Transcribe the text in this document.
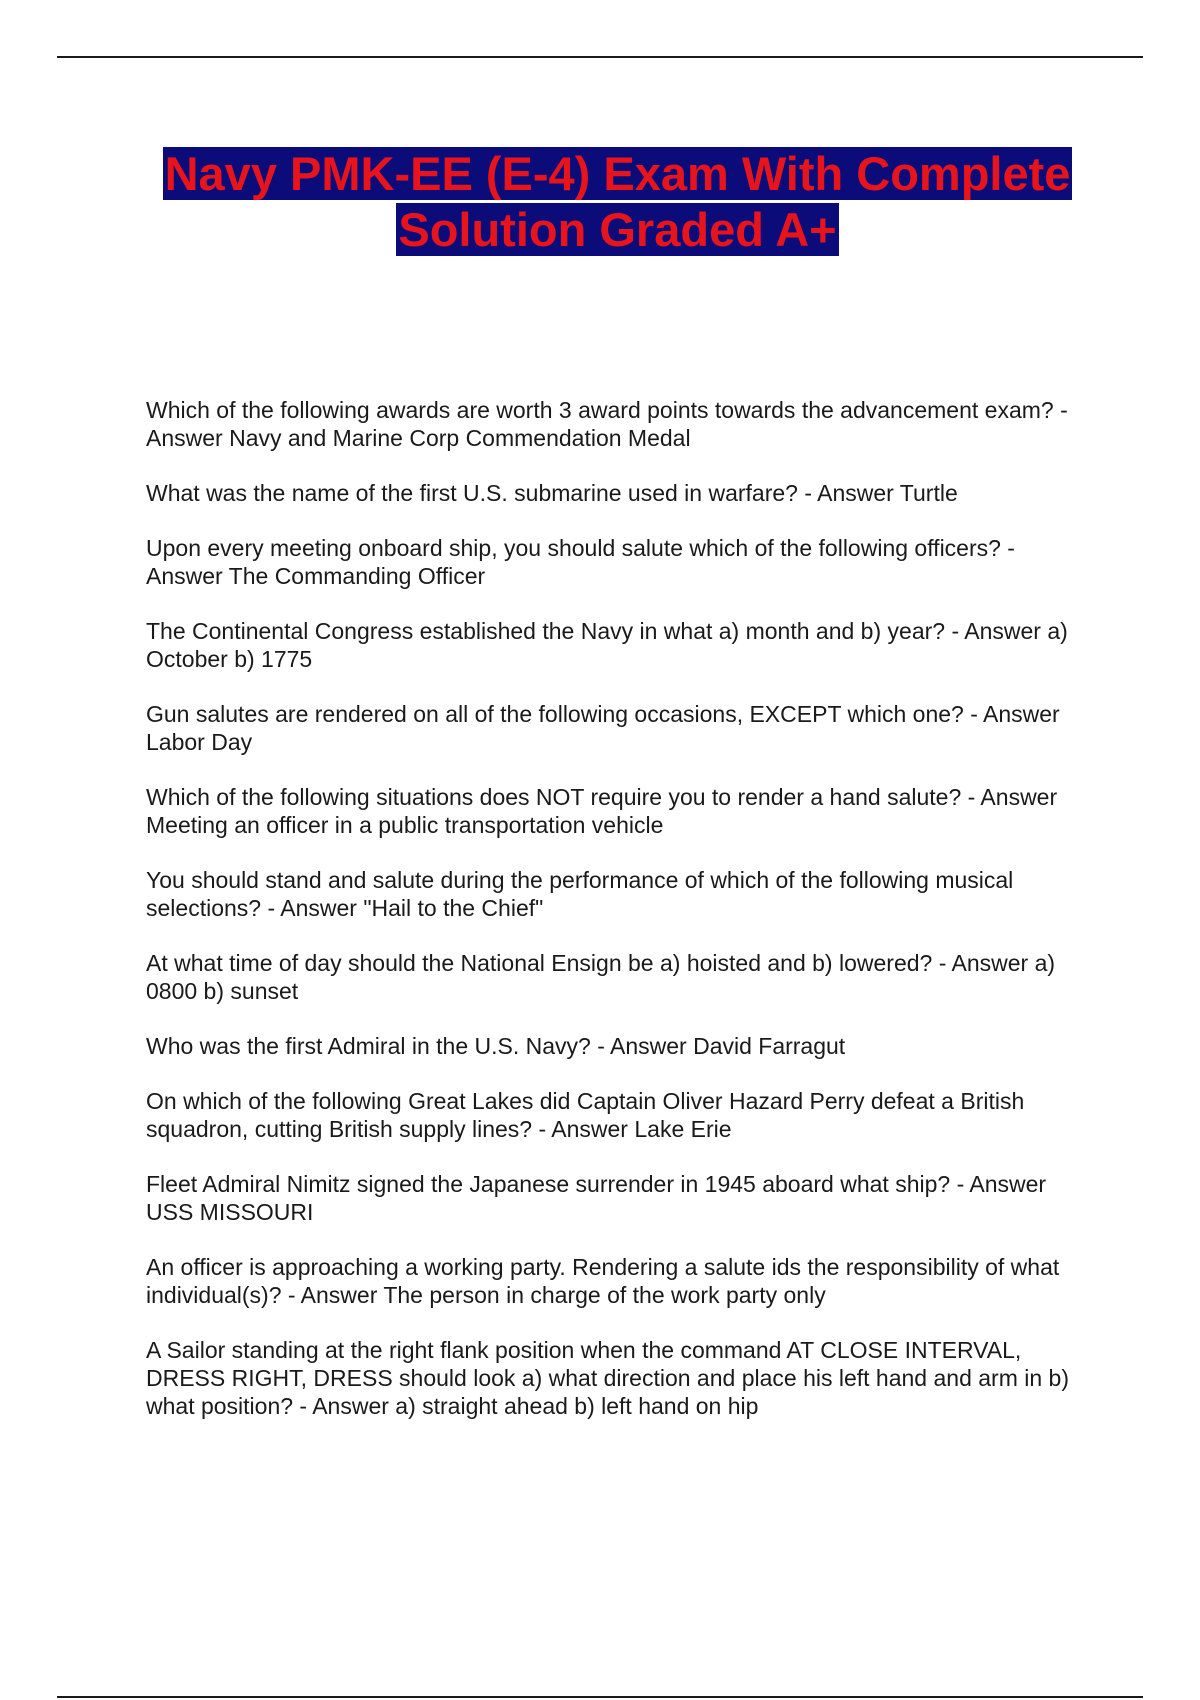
Navy PMK-EE (E-4) Exam With Complete
Solution Graded A+

Which of the following awards are worth 3 award points towards the advancement exam? - Answer Navy and Marine Corp Commendation Medal

What was the name of the first U.S. submarine used in warfare? - Answer Turtle

Upon every meeting onboard ship, you should salute which of the following officers? - Answer The Commanding Officer

The Continental Congress established the Navy in what a) month and b) year? - Answer a) October b) 1775

Gun salutes are rendered on all of the following occasions, EXCEPT which one? - Answer Labor Day

Which of the following situations does NOT require you to render a hand salute? - Answer Meeting an officer in a public transportation vehicle

You should stand and salute during the performance of which of the following musical selections? - Answer "Hail to the Chief"

At what time of day should the National Ensign be a) hoisted and b) lowered? - Answer a) 0800 b) sunset

Who was the first Admiral in the U.S. Navy? - Answer David Farragut

On which of the following Great Lakes did Captain Oliver Hazard Perry defeat a British squadron, cutting British supply lines? - Answer Lake Erie

Fleet Admiral Nimitz signed the Japanese surrender in 1945 aboard what ship? - Answer USS MISSOURI

An officer is approaching a working party. Rendering a salute ids the responsibility of what individual(s)? - Answer The person in charge of the work party only

A Sailor standing at the right flank position when the command AT CLOSE INTERVAL, DRESS RIGHT, DRESS should look a) what direction and place his left hand and arm in b) what position? - Answer a) straight ahead b) left hand on hip
